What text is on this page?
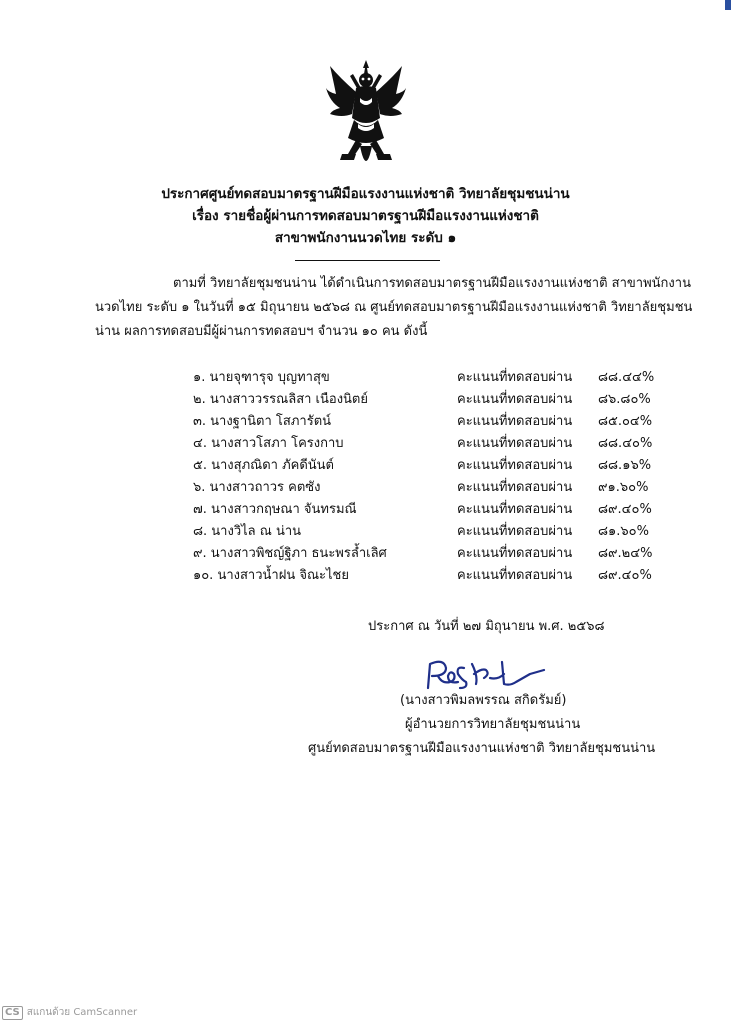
ประกาศศูนย์ทดสอบมาตรฐานฝีมือแรงงานแห่งชาติ วิทยาลัยชุมชนน่าน
เรื่อง รายชื่อผู้ผ่านการทดสอบมาตรฐานฝีมือแรงงานแห่งชาติ
สาขาพนักงานนวดไทย ระดับ ๑
ตามที่ วิทยาลัยชุมชนน่าน ได้ดำเนินการทดสอบมาตรฐานฝีมือแรงงานแห่งชาติ สาขาพนักงาน
นวดไทย ระดับ ๑ ในวันที่ ๑๕ มิถุนายน ๒๕๖๘ ณ ศูนย์ทดสอบมาตรฐานฝีมือแรงงานแห่งชาติ วิทยาลัยชุมชน
น่าน ผลการทดสอบมีผู้ผ่านการทดสอบฯ จำนวน ๑๐ คน ดังนี้
๑. นายจุฑารุจ บุญทาสุข	คะแนนที่ทดสอบผ่าน ๘๘.๔๔%
๒. นางสาววรรณลิสา เนืองนิตย์	คะแนนที่ทดสอบผ่าน ๘๖.๘๐%
๓. นางฐานิตา โสภารัตน์	คะแนนที่ทดสอบผ่าน ๘๕.๐๔%
๔. นางสาวโสภา โครงกาบ	คะแนนที่ทดสอบผ่าน ๘๘.๔๐%
๕. นางสุภณิดา ภัคดีนันต์	คะแนนที่ทดสอบผ่าน ๘๘.๑๖%
๖. นางสาวถาวร คตซัง	คะแนนที่ทดสอบผ่าน ๙๑.๖๐%
๗. นางสาวกฤษณา จันทรมณี	คะแนนที่ทดสอบผ่าน ๘๙.๔๐%
๘. นางวิไล ณ น่าน	คะแนนที่ทดสอบผ่าน ๘๑.๖๐%
๙. นางสาวพิชญ์ฐิภา ธนะพรล้ำเลิศ	คะแนนที่ทดสอบผ่าน ๘๙.๒๔%
๑๐. นางสาวน้ำฝน จิณะไชย	คะแนนที่ทดสอบผ่าน ๘๙.๔๐%
ประกาศ ณ วันที่ ๒๗ มิถุนายน พ.ศ. ๒๕๖๘
(นางสาวพิมลพรรณ สกิดรัมย์)
ผู้อำนวยการวิทยาลัยชุมชนน่าน
ศูนย์ทดสอบมาตรฐานฝีมือแรงงานแห่งชาติ วิทยาลัยชุมชนน่าน
CS สแกนด้วย CamScanner
